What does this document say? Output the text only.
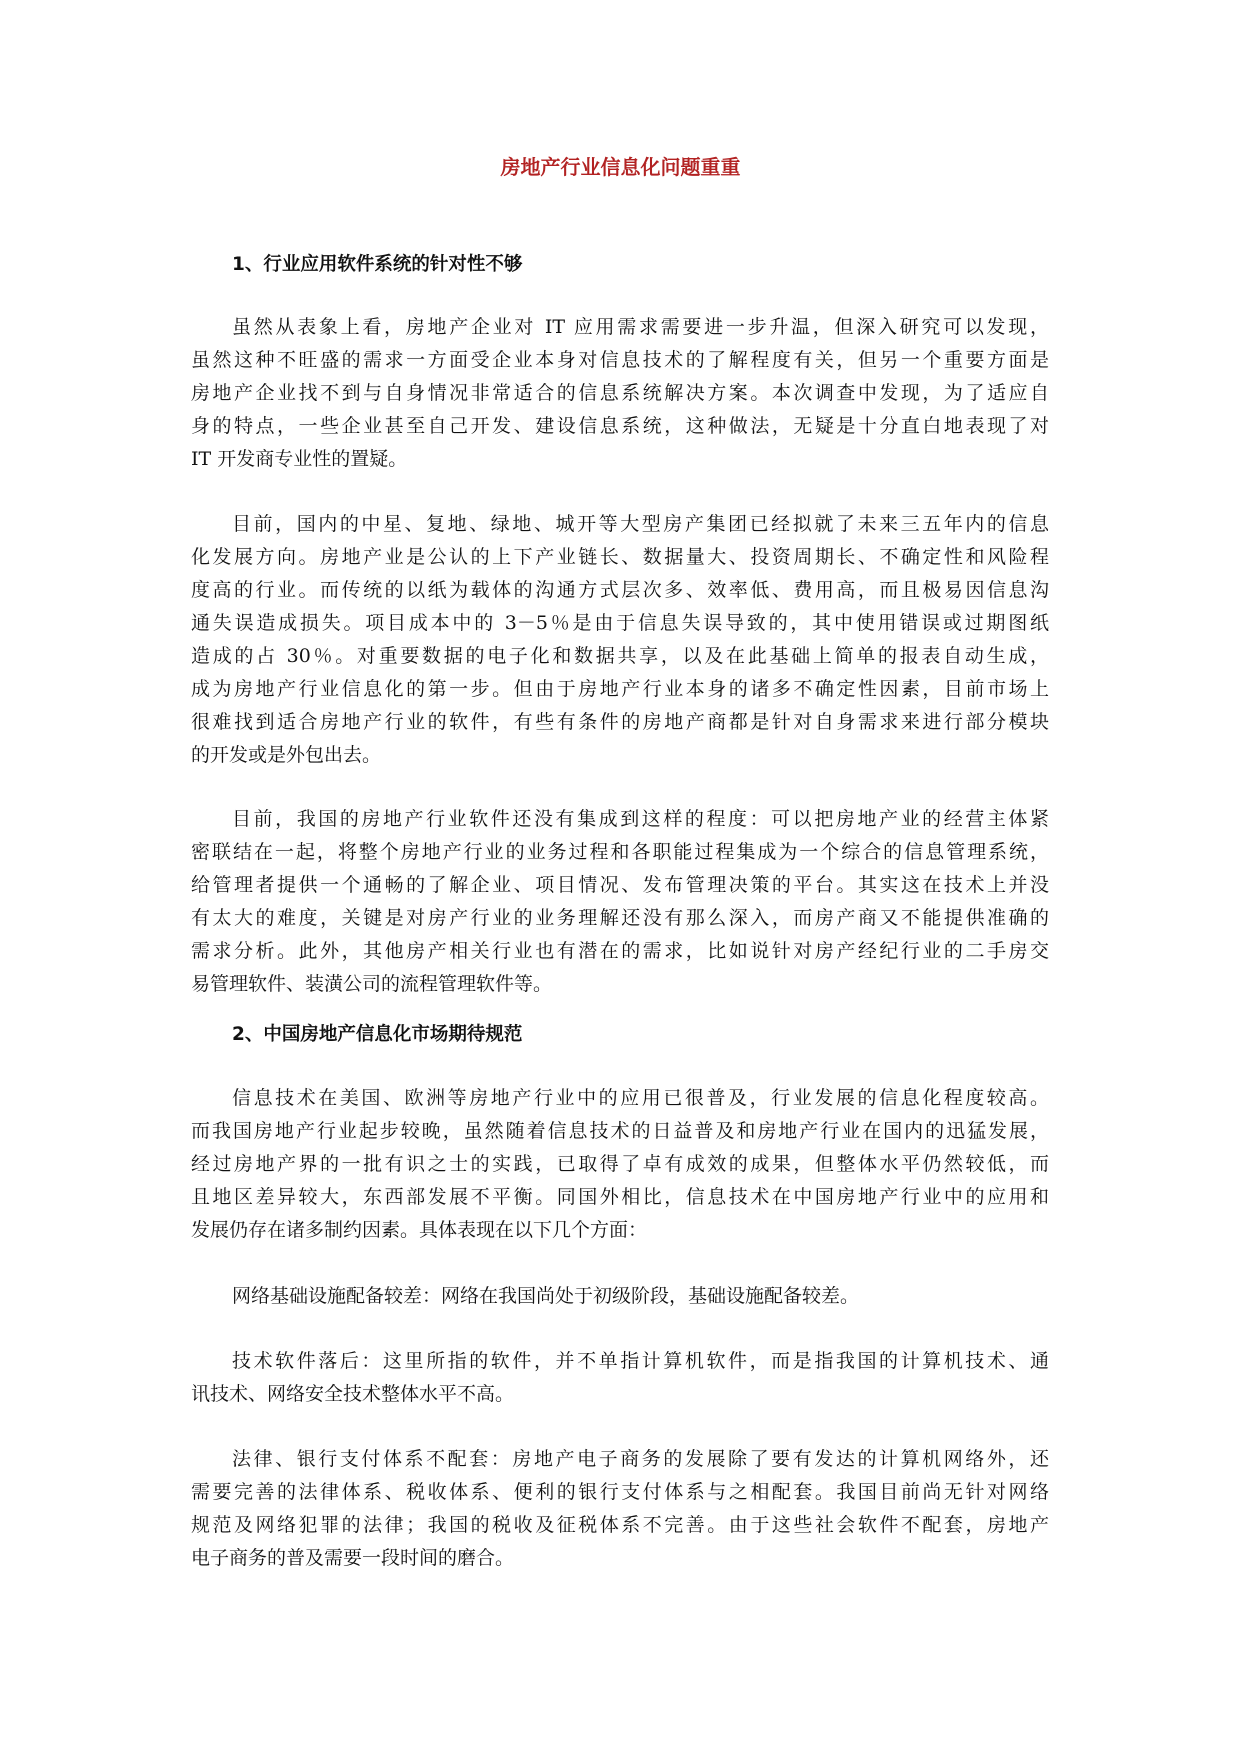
房地产行业信息化问题重重
1、行业应用软件系统的针对性不够
虽然从表象上看，房地产企业对 IT 应用需求需要进一步升温，但深入研究可以发现，
虽然这种不旺盛的需求一方面受企业本身对信息技术的了解程度有关，但另一个重要方面是
房地产企业找不到与自身情况非常适合的信息系统解决方案。本次调查中发现，为了适应自
身的特点，一些企业甚至自己开发、建设信息系统，这种做法，无疑是十分直白地表现了对
IT 开发商专业性的置疑。
目前，国内的中星、复地、绿地、城开等大型房产集团已经拟就了未来三五年内的信息
化发展方向。房地产业是公认的上下产业链长、数据量大、投资周期长、不确定性和风险程
度高的行业。而传统的以纸为载体的沟通方式层次多、效率低、费用高，而且极易因信息沟
通失误造成损失。项目成本中的 3－5％是由于信息失误导致的，其中使用错误或过期图纸
造成的占 30％。对重要数据的电子化和数据共享，以及在此基础上简单的报表自动生成，
成为房地产行业信息化的第一步。但由于房地产行业本身的诸多不确定性因素，目前市场上
很难找到适合房地产行业的软件，有些有条件的房地产商都是针对自身需求来进行部分模块
的开发或是外包出去。
目前，我国的房地产行业软件还没有集成到这样的程度：可以把房地产业的经营主体紧
密联结在一起，将整个房地产行业的业务过程和各职能过程集成为一个综合的信息管理系统，
给管理者提供一个通畅的了解企业、项目情况、发布管理决策的平台。其实这在技术上并没
有太大的难度，关键是对房产行业的业务理解还没有那么深入，而房产商又不能提供准确的
需求分析。此外，其他房产相关行业也有潜在的需求，比如说针对房产经纪行业的二手房交
易管理软件、装潢公司的流程管理软件等。
2、中国房地产信息化市场期待规范
信息技术在美国、欧洲等房地产行业中的应用已很普及，行业发展的信息化程度较高。
而我国房地产行业起步较晚，虽然随着信息技术的日益普及和房地产行业在国内的迅猛发展，
经过房地产界的一批有识之士的实践，已取得了卓有成效的成果，但整体水平仍然较低，而
且地区差异较大，东西部发展不平衡。同国外相比，信息技术在中国房地产行业中的应用和
发展仍存在诸多制约因素。具体表现在以下几个方面：
网络基础设施配备较差：网络在我国尚处于初级阶段，基础设施配备较差。
技术软件落后：这里所指的软件，并不单指计算机软件，而是指我国的计算机技术、通
讯技术、网络安全技术整体水平不高。
法律、银行支付体系不配套：房地产电子商务的发展除了要有发达的计算机网络外，还
需要完善的法律体系、税收体系、便利的银行支付体系与之相配套。我国目前尚无针对网络
规范及网络犯罪的法律；我国的税收及征税体系不完善。由于这些社会软件不配套，房地产
电子商务的普及需要一段时间的磨合。
